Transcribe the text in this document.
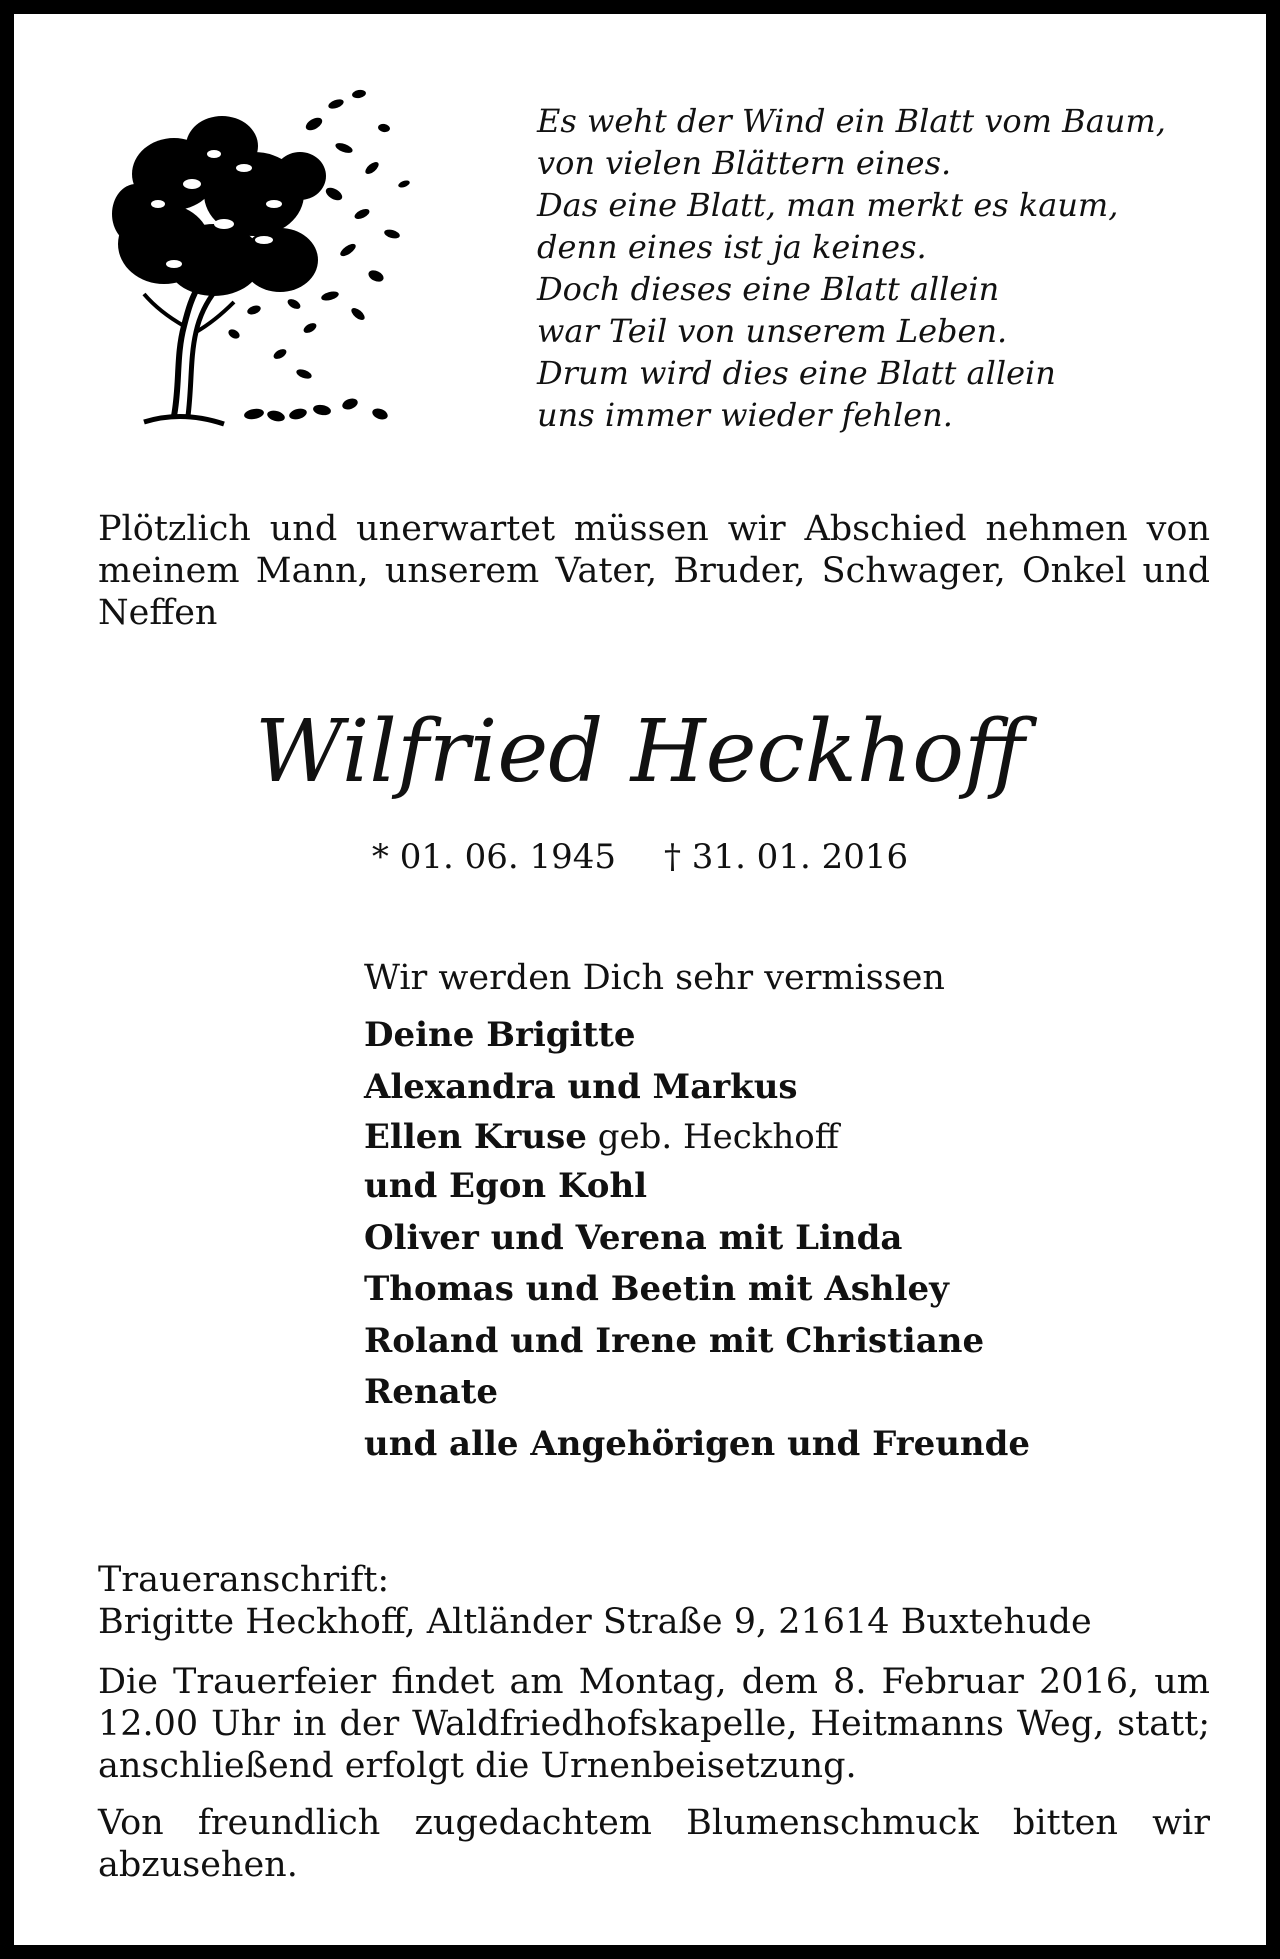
Es weht der Wind ein Blatt vom Baum,
von vielen Blättern eines.
Das eine Blatt, man merkt es kaum,
denn eines ist ja keines.
Doch dieses eine Blatt allein
war Teil von unserem Leben.
Drum wird dies eine Blatt allein
uns immer wieder fehlen.

Plötzlich und unerwartet müssen wir Abschied nehmen von meinem Mann, unserem Vater, Bruder, Schwager, Onkel und Neffen

Wilfried Heckhoff
* 01. 06. 1945 † 31. 01. 2016
Wir werden Dich sehr vermissen
Deine Brigitte
Alexandra und Markus
Ellen Kruse geb. Heckhoff
und Egon Kohl
Oliver und Verena mit Linda
Thomas und Beetin mit Ashley
Roland und Irene mit Christiane
Renate
und alle Angehörigen und Freunde
Traueranschrift:
Brigitte Heckhoff, Altländer Straße 9, 21614 Buxtehude

Die Trauerfeier findet am Montag, dem 8. Februar 2016, um 12.00 Uhr in der Waldfriedhofskapelle, Heitmanns Weg, statt; anschließend erfolgt die Urnenbeisetzung.

Von freundlich zugedachtem Blumenschmuck bitten wir abzusehen.
